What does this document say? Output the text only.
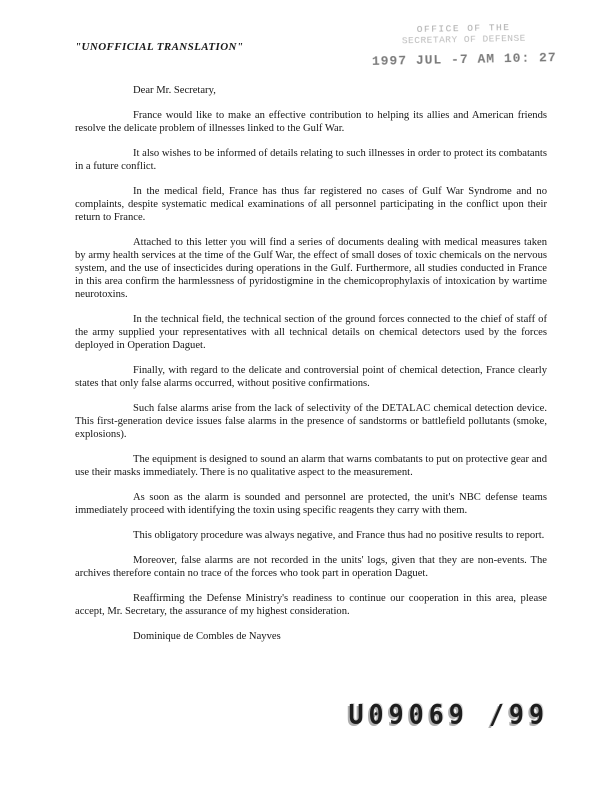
"UNOFFICIAL TRANSLATION"
OFFICE OF THE
SECRETARY OF DEFENSE
1997 JUL -7 AM 10: 27

Dear Mr. Secretary,

France would like to make an effective contribution to helping its allies and American friends resolve the delicate problem of illnesses linked to the Gulf War.

It also wishes to be informed of details relating to such illnesses in order to protect its combatants in a future conflict.

In the medical field, France has thus far registered no cases of Gulf War Syndrome and no complaints, despite systematic medical examinations of all personnel participating in the conflict upon their return to France.

Attached to this letter you will find a series of documents dealing with medical measures taken by army health services at the time of the Gulf War, the effect of small doses of toxic chemicals on the nervous system, and the use of insecticides during operations in the Gulf. Furthermore, all studies conducted in France in this area confirm the harmlessness of pyridostigmine in the chemicoprophylaxis of intoxication by wartime neurotoxins.

In the technical field, the technical section of the ground forces connected to the chief of staff of the army supplied your representatives with all technical details on chemical detectors used by the forces deployed in Operation Daguet.

Finally, with regard to the delicate and controversial point of chemical detection, France clearly states that only false alarms occurred, without positive confirmations.

Such false alarms arise from the lack of selectivity of the DETALAC chemical detection device. This first-generation device issues false alarms in the presence of sandstorms or battlefield pollutants (smoke, explosions).

The equipment is designed to sound an alarm that warns combatants to put on protective gear and use their masks immediately. There is no qualitative aspect to the measurement.

As soon as the alarm is sounded and personnel are protected, the unit's NBC defense teams immediately proceed with identifying the toxin using specific reagents they carry with them.

This obligatory procedure was always negative, and France thus had no positive results to report.

Moreover, false alarms are not recorded in the units' logs, given that they are non-events. The archives therefore contain no trace of the forces who took part in operation Daguet.

Reaffirming the Defense Ministry's readiness to continue our cooperation in this area, please accept, Mr. Secretary, the assurance of my highest consideration.

Dominique de Combles de Nayves

U09069 /99
